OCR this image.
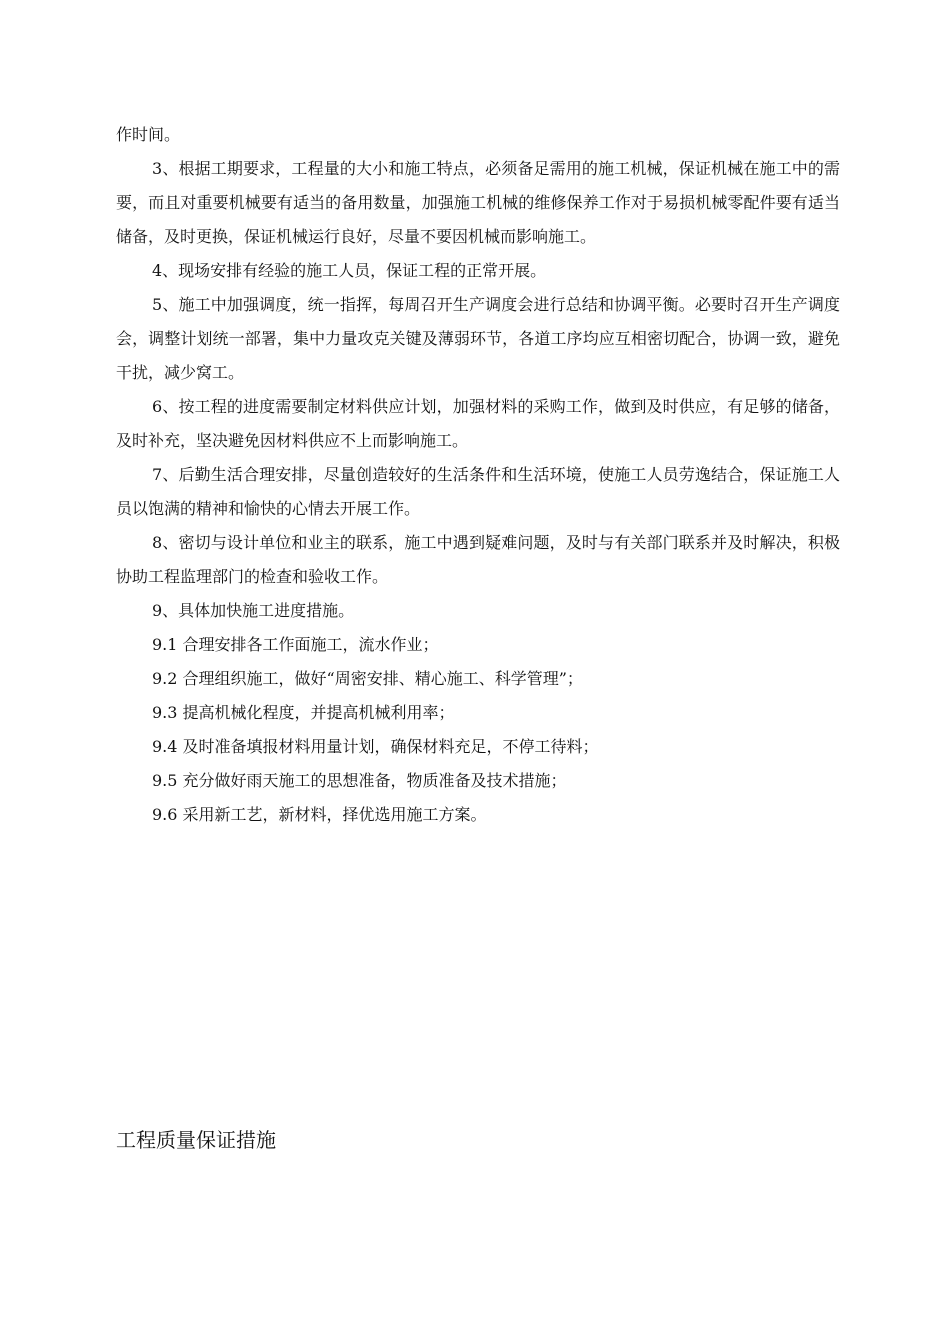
作时间。

3、根据工期要求，工程量的大小和施工特点，必须备足需用的施工机械，保证机械在施工中的需要，而且对重要机械要有适当的备用数量，加强施工机械的维修保养工作对于易损机械零配件要有适当储备，及时更换，保证机械运行良好，尽量不要因机械而影响施工。

4、现场安排有经验的施工人员，保证工程的正常开展。

5、施工中加强调度，统一指挥，每周召开生产调度会进行总结和协调平衡。必要时召开生产调度会，调整计划统一部署，集中力量攻克关键及薄弱环节，各道工序均应互相密切配合，协调一致，避免干扰，减少窝工。

6、按工程的进度需要制定材料供应计划，加强材料的采购工作，做到及时供应，有足够的储备，及时补充，坚决避免因材料供应不上而影响施工。

7、后勤生活合理安排，尽量创造较好的生活条件和生活环境，使施工人员劳逸结合，保证施工人员以饱满的精神和愉快的心情去开展工作。

8、密切与设计单位和业主的联系，施工中遇到疑难问题，及时与有关部门联系并及时解决，积极协助工程监理部门的检查和验收工作。

9、具体加快施工进度措施。

9.1 合理安排各工作面施工，流水作业；

9.2 合理组织施工，做好“周密安排、精心施工、科学管理”；

9.3 提高机械化程度，并提高机械利用率；

9.4 及时准备填报材料用量计划，确保材料充足，不停工待料；

9.5 充分做好雨天施工的思想准备，物质准备及技术措施；

9.6 采用新工艺，新材料，择优选用施工方案。

工程质量保证措施
